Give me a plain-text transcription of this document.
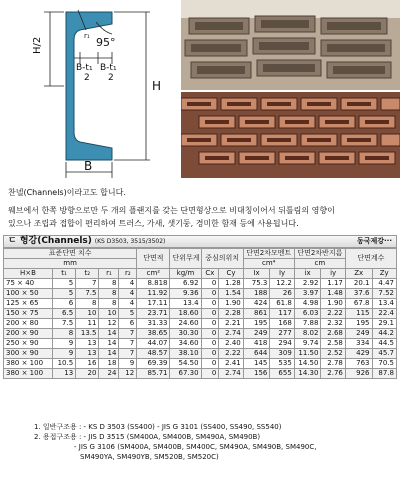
H/2
H
95°
r₁
B-t₁ B-t₁
2 2
B
찬넬(Channels)이라고도 합니다.
웨브에서 한쪽 방향으로만 두 개의 플랜지를 갖는 단면형상으로 비대칭이어서 뒤틀림의 영향이
있으나 조립과 접합이 편리하여 트러스, 가새, 샛기둥, 경미한 함재 등에 사용됩니다.
ㄷ 형강(Channels) (KS D3503, 3515/3502)	동국제강···
표준단면 치수					단면적	단위무게	중심의위치		단면2차모멘트		단면2차반지름		단면계수	
mm									cm⁴		cm			
H×B	t₁	t₂	r₁	r₂	cm²	kg/m	Cx	Cy	Ix	Iy	ix	iy	Zx	Zy
75 × 40	5	7	8	4	8.818	6.92	0	1.28	75.3	12.2	2.92	1.17	20.1	4.47
100 × 50	5	7.5	8	4	11.92	9.36	0	1.54	188	26	3.97	1.48	37.6	7.52
125 × 65	6	8	8	4	17.11	13.4	0	1.90	424	61.8	4.98	1.90	67.8	13.4
150 × 75	6.5	10	10	5	23.71	18.60	0	2.28	861	117	6.03	2.22	115	22.4
200 × 80	7.5	11	12	6	31.33	24.60	0	2.21	195	168	7.88	2.32	195	29.1
200 × 90	8	13.5	14	7	38.65	30.30	0	2.74	249	277	8.02	2.68	249	44.2
250 × 90	9	13	14	7	44.07	34.60	0	2.40	418	294	9.74	2.58	334	44.5
300 × 90	9	13	14	7	48.57	38.10	0	2.22	644	309	11.50	2.52	429	45.7
380 × 100	10.5	16	18	9	69.39	54.50	0	2.41	145	535	14.50	2.78	763	70.5
380 × 100	13	20	24	12	85.71	67.30	0	2.74	156	655	14.30	2.76	926	87.8
1. 일반구조용 : - KS D 3503 (SS400) - JIS G 3101 (SS400, SS490, SS540)
2. 용접구조용 : - JIS D 3515 (SM400A, SM400B, SM490A, SM490B)
- JIS G 3106 (SM400A, SM400B, SM400C, SM490A, SM490B, SM490C,
SM490YA, SM490YB, SM520B, SM520C)
